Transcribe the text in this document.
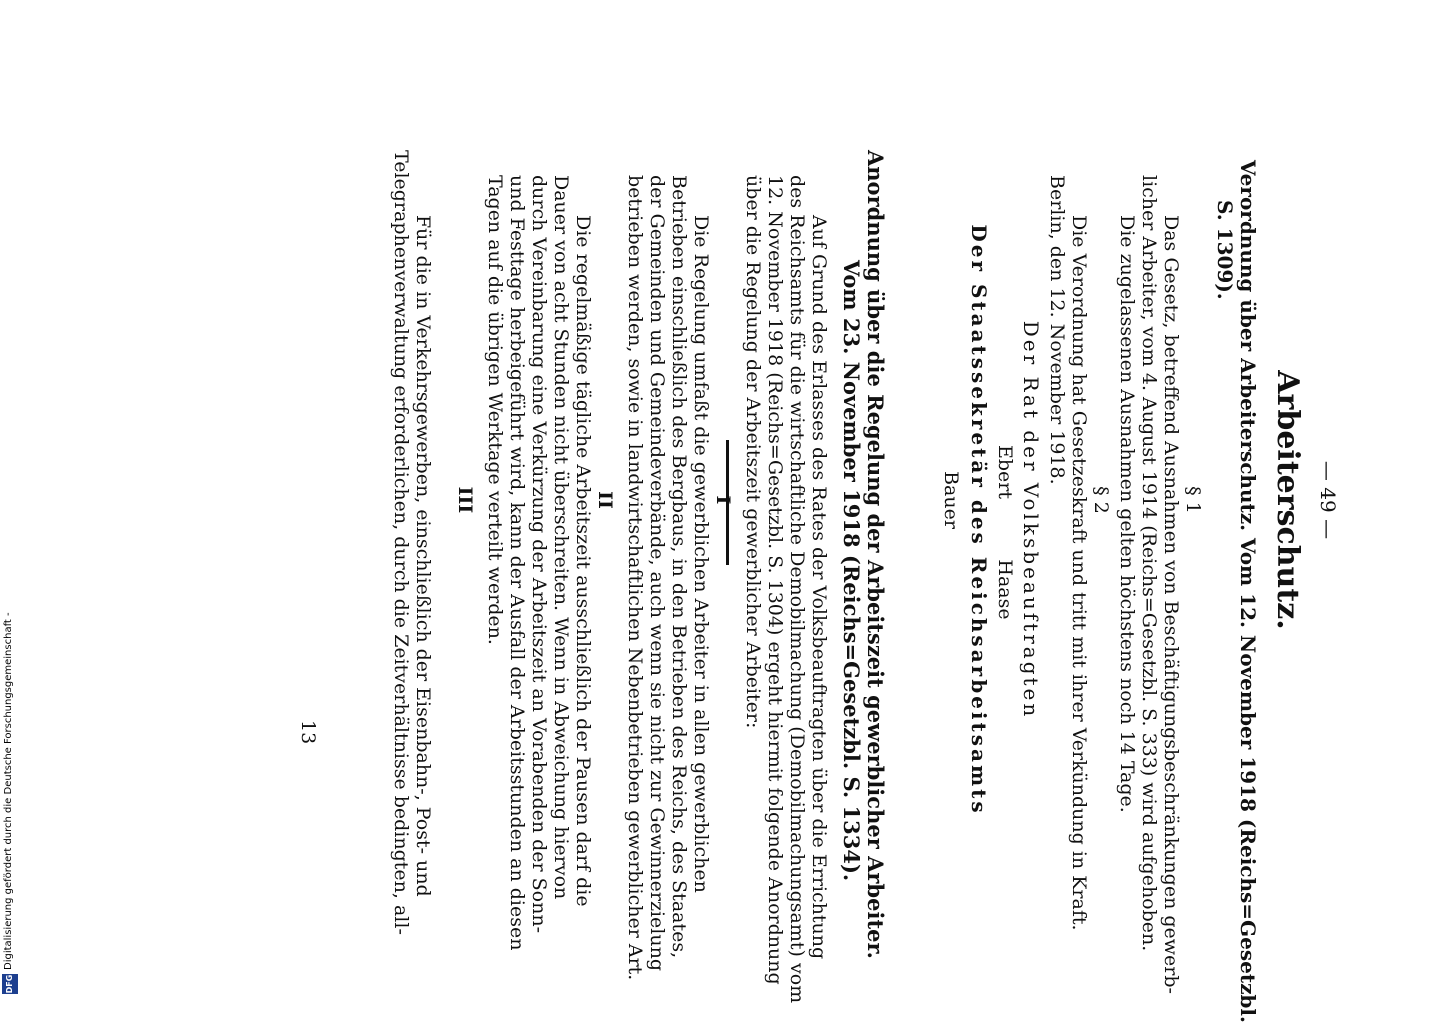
— 49 —
Arbeiterschutz.
Verordnung über Arbeiterschutz. Vom 12. November 1918 (Reichs=Gesetzbl.
S. 1309).
§ 1
Das Gesetz, betreffend Ausnahmen von Beschäftigungsbeschränkungen gewerb-
licher Arbeiter, vom 4. August 1914 (Reichs=Gesetzbl. S. 333) wird aufgehoben.
Die zugelassenen Ausnahmen gelten höchstens noch 14 Tage.
§ 2
Die Verordnung hat Gesetzeskraft und tritt mit ihrer Verkündung in Kraft.
Berlin, den 12. November 1918.
Der Rat der Volksbeauftragten
Ebert          Haase
Der Staatssekretär des Reichsarbeitsamts
Bauer
Anordnung über die Regelung der Arbeitszeit gewerblicher Arbeiter.
Vom 23. November 1918 (Reichs=Gesetzbl. S. 1334).
Auf Grund des Erlasses des Rates der Volksbeauftragten über die Errichtung
des Reichsamts für die wirtschaftliche Demobilmachung (Demobilmachungsamt) vom
12. November 1918 (Reichs=Gesetzbl. S. 1304) ergeht hiermit folgende Anordnung
über die Regelung der Arbeitszeit gewerblicher Arbeiter:
I
Die Regelung umfaßt die gewerblichen Arbeiter in allen gewerblichen
Betrieben einschließlich des Bergbaus, in den Betrieben des Reichs, des Staates,
der Gemeinden und Gemeindeverbände, auch wenn sie nicht zur Gewinnerzielung
betrieben werden, sowie in landwirtschaftlichen Nebenbetrieben gewerblicher Art.
II
Die regelmäßige tägliche Arbeitszeit ausschließlich der Pausen darf die
Dauer von acht Stunden nicht überschreiten. Wenn in Abweichung hiervon
durch Vereinbarung eine Verkürzung der Arbeitszeit an Vorabenden der Sonn-
und Festtage herbeigeführt wird, kann der Ausfall der Arbeitsstunden an diesen
Tagen auf die übrigen Werktage verteilt werden.
III
Für die in Verkehrsgewerben, einschließlich der Eisenbahn-, Post- und
Telegraphenverwaltung erforderlichen, durch die Zeitverhältnisse bedingten, all-
13
Digitalisierung gefördert durch die Deutsche Forschungsgemeinschaft -
DFG
